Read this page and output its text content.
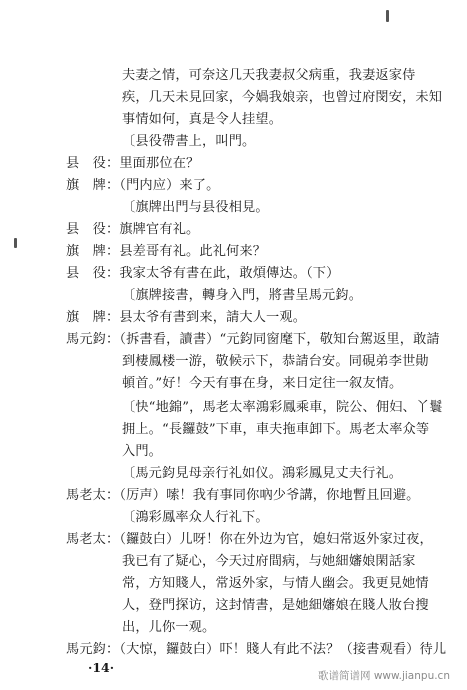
夫妻之情，可奈这几天我妻叔父病重，我妻返家侍
疾，几天未見回家，今媧我娘亲，也曾过府閔安，未知
事情如何，真是令人挂望。
〔县役帶書上，叫門。
县　役：里面那位在？
旗　牌：（門内应）来了。
〔旗牌出門与县役相見。
县　役：旗牌官有礼。
旗　牌：县差哥有礼。此礼何来？
县　役：我家太爷有書在此，敢煩傳达。（下）
〔旗牌接書，轉身入門，將書呈馬元鈞。
旗　牌：县太爷有書到来，請大人一观。
馬元鈞：（拆書看，讀書）“元鈞同窗麾下，敬知台駕返里，敢請
到棲鳳楼一游，敬候示下，恭請台安。同硯弟李世勛
頓首。”好！今天有事在身，来日定往一叙友情。
〔快“地錦”，馬老太率鴻彩鳳乘車，院公、佣妇、丫鬟
拥上。“長鑼鼓”下車，車夫拖車卸下。馬老太率众等
入門。
〔馬元鈞見母亲行礼如仪。鴻彩鳳見丈夫行礼。
馬老太：（厉声）嗦！我有事同你吶少爷講，你地暫且回避。
〔鴻彩鳳率众人行礼下。
馬老太：（鑼鼓白）儿呀！你在外边为官，媳妇常返外家过夜，
我已有了疑心，今天过府間病，与她細嬸娘閑話家
常，方知賤人，常返外家，与情人幽会。我更見她情
人，登門探访，这封情書，是她細嬸娘在賤人妝台搜
出，儿你一观。
馬元鈞：（大惊，鑼鼓白）吓！賤人有此不法？（接書观看）待儿
·14·
歌谱简谱网 www.jianpu.cn
